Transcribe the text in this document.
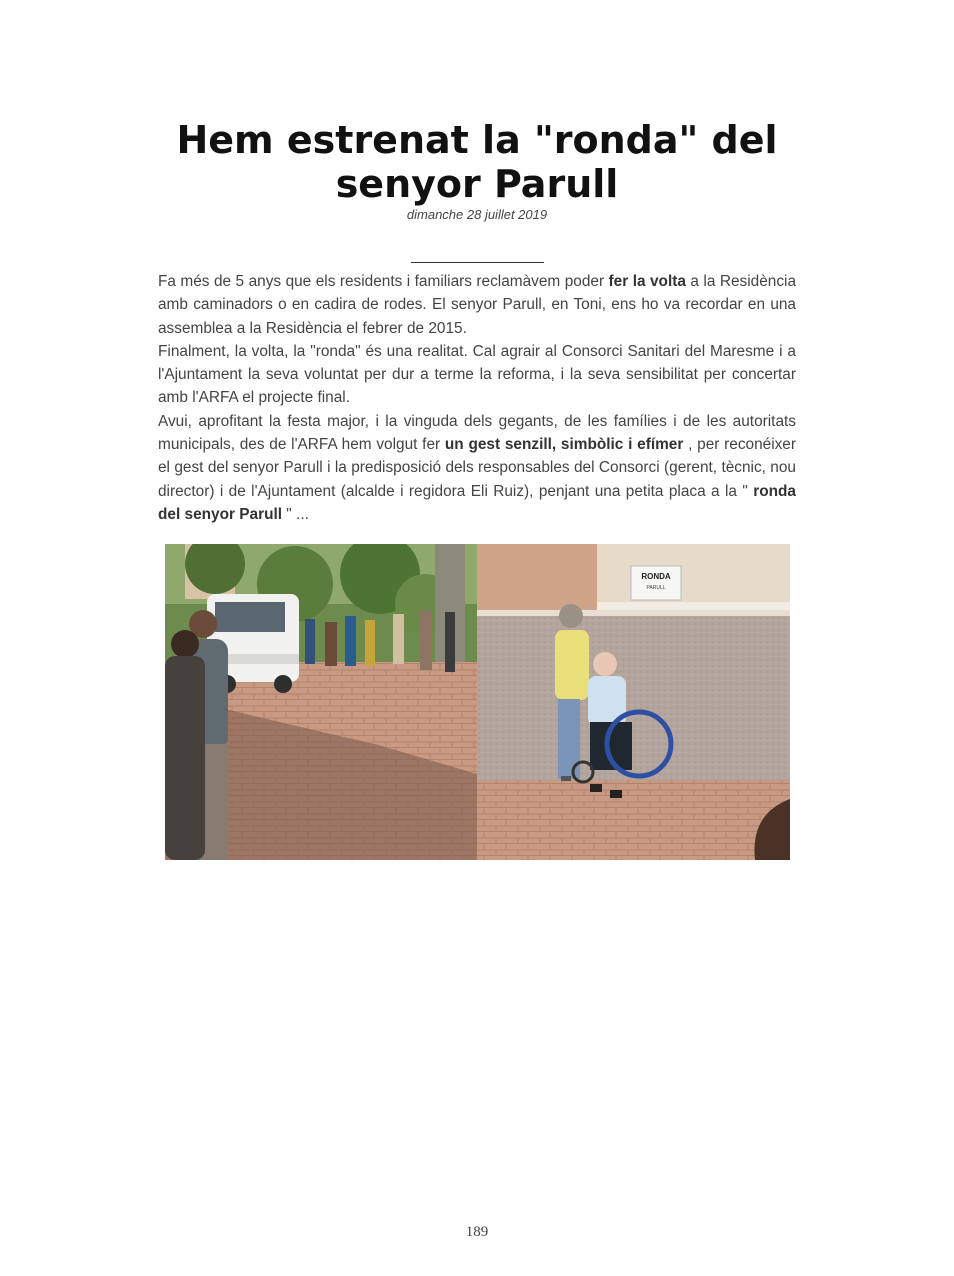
Hem estrenat la "ronda" del senyor Parull
dimanche 28 juillet 2019

Fa més de 5 anys que els residents i familiars reclamàvem poder fer la volta a la Residència amb caminadors o en cadira de rodes. El senyor Parull, en Toni, ens ho va recordar en una assemblea a la Residència el febrer de 2015.

Finalment, la volta, la "ronda" és una realitat. Cal agrair al Consorci Sanitari del Maresme i a l'Ajuntament la seva voluntat per dur a terme la reforma, i la seva sensibilitat per concertar amb l'ARFA el projecte final.

Avui, aprofitant la festa major, i la vinguda dels gegants, de les famílies i de les autoritats municipals, des de l'ARFA hem volgut fer un gest senzill, simbòlic i efímer , per reconéixer el gest del senyor Parull i la predisposició dels responsables del Consorci (gerent, tècnic, nou director) i de l'Ajuntament (alcalde i regidora Eli Ruiz), penjant una petita placa a la " ronda del senyor Parull " ...

RONDA
PARULL
189
